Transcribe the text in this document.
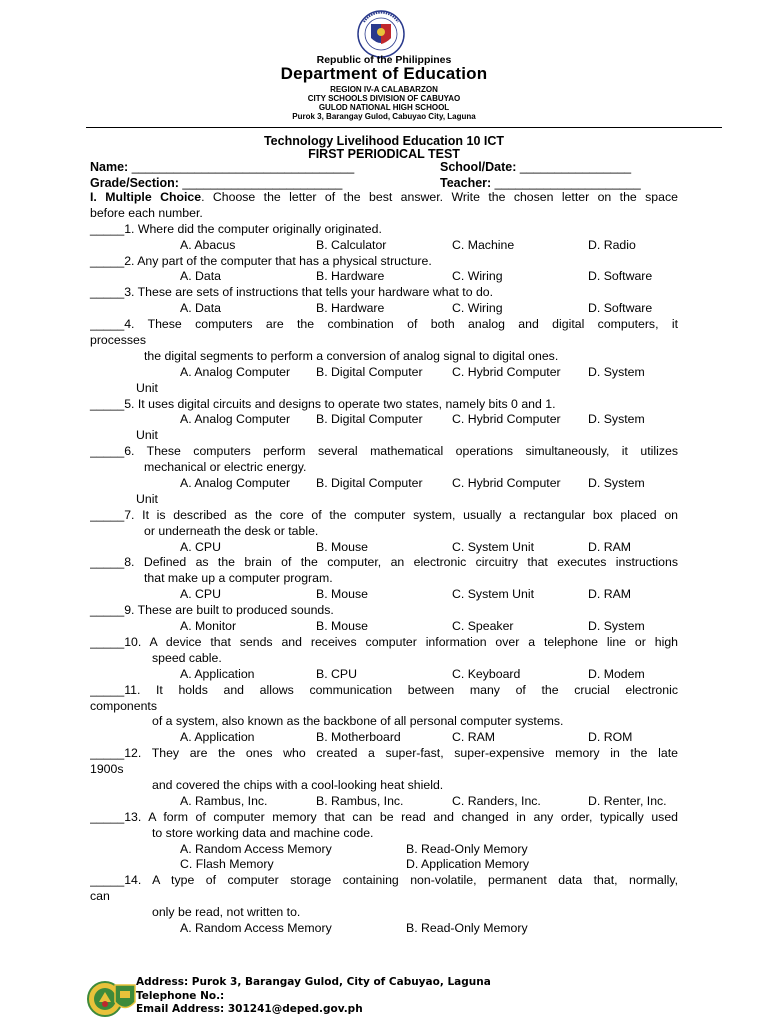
Republic of the Philippines
Department of Education
REGION IV-A CALABARZON
CITY SCHOOLS DIVISION OF CABUYAO
GULOD NATIONAL HIGH SCHOOL
Purok 3, Barangay Gulod, Cabuyao City, Laguna
Technology Livelihood Education 10 ICT
FIRST PERIODICAL TEST
Name: ________________________________	School/Date: ________________
Grade/Section: _______________________	Teacher: _____________________
I. Multiple Choice. Choose the letter of the best answer. Write the chosen letter on the space
before each number.
_____1. Where did the computer originally originated.
A. Abacus	B. Calculator	C. Machine	D. Radio
_____2. Any part of the computer that has a physical structure.
A. Data	B. Hardware	C. Wiring	D. Software
_____3. These are sets of instructions that tells your hardware what to do.
A. Data	B. Hardware	C. Wiring	D. Software
_____4. These computers are the combination of both analog and digital computers, it
processes
the digital segments to perform a conversion of analog signal to digital ones.
A. Analog Computer B. Digital Computer C. Hybrid Computer D. System
Unit
_____5. It uses digital circuits and designs to operate two states, namely bits 0 and 1.
A. Analog Computer B. Digital Computer C. Hybrid Computer D. System
Unit
_____6. These computers perform several mathematical operations simultaneously, it utilizes
mechanical or electric energy.
A. Analog Computer B. Digital Computer C. Hybrid Computer D. System
Unit
_____7. It is described as the core of the computer system, usually a rectangular box placed on
or underneath the desk or table.
A. CPU	B. Mouse	C. System Unit	D. RAM
_____8. Defined as the brain of the computer, an electronic circuitry that executes instructions
that make up a computer program.
A. CPU	B. Mouse	C. System Unit	D. RAM
_____9. These are built to produced sounds.
A. Monitor	B. Mouse	C. Speaker	D. System
_____10. A device that sends and receives computer information over a telephone line or high
speed cable.
A. Application	B. CPU	C. Keyboard	D. Modem
_____11. It holds and allows communication between many of the crucial electronic
components
of a system, also known as the backbone of all personal computer systems.
A. Application	B. Motherboard	C. RAM	D. ROM
_____12. They are the ones who created a super-fast, super-expensive memory in the late
1900s
and covered the chips with a cool-looking heat shield.
A. Rambus, Inc.	B. Rambus, Inc.	C. Randers, Inc.	D. Renter, Inc.
_____13. A form of computer memory that can be read and changed in any order, typically used
to store working data and machine code.
A. Random Access Memory	B. Read-Only Memory
C. Flash Memory	D. Application Memory
_____14. A type of computer storage containing non-volatile, permanent data that, normally,
can
only be read, not written to.
A. Random Access Memory	B. Read-Only Memory
Address: Purok 3, Barangay Gulod, City of Cabuyao, Laguna
Telephone No.:
Email Address: 301241@deped.gov.ph
